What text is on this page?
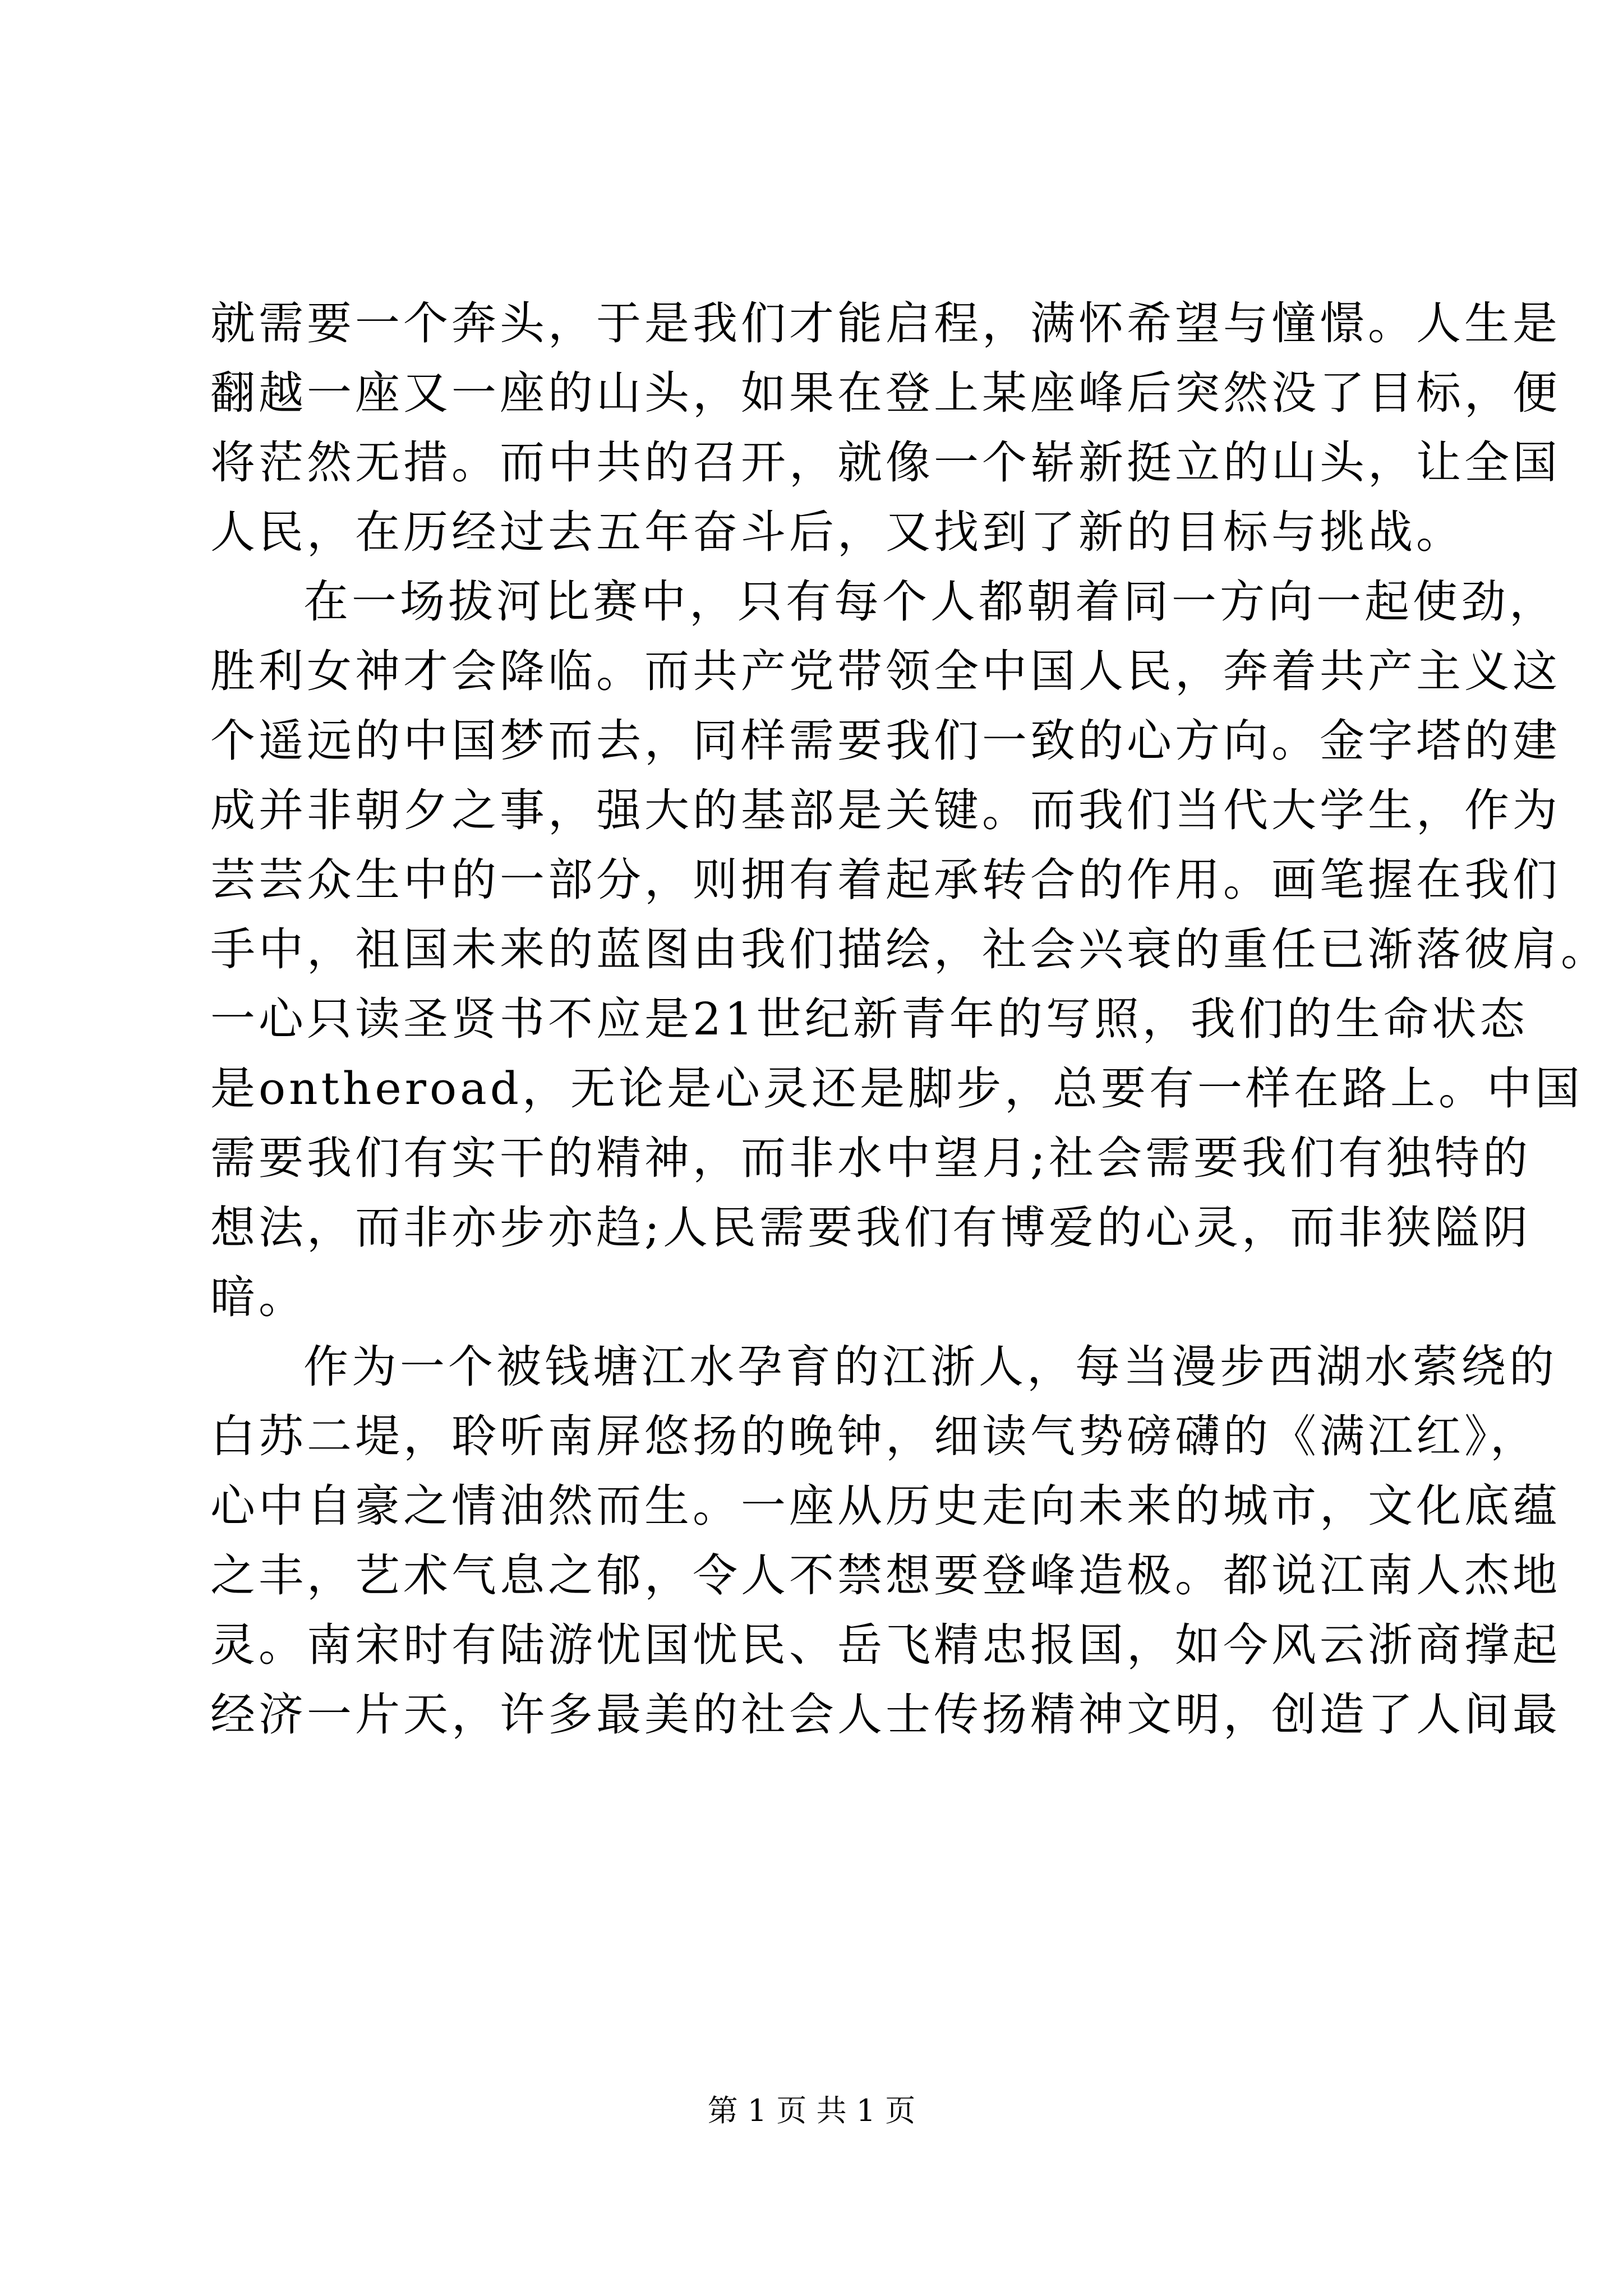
就需要一个奔头，于是我们才能启程，满怀希望与憧憬。人生是
翻越一座又一座的山头，如果在登上某座峰后突然没了目标，便
将茫然无措。而中共的召开，就像一个崭新挺立的山头，让全国
人民，在历经过去五年奋斗后，又找到了新的目标与挑战。
在一场拔河比赛中，只有每个人都朝着同一方向一起使劲，
胜利女神才会降临。而共产党带领全中国人民，奔着共产主义这
个遥远的中国梦而去，同样需要我们一致的心方向。金字塔的建
成并非朝夕之事，强大的基部是关键。而我们当代大学生，作为
芸芸众生中的一部分，则拥有着起承转合的作用。画笔握在我们
手中，祖国未来的蓝图由我们描绘，社会兴衰的重任已渐落彼肩。
一心只读圣贤书不应是21世纪新青年的写照，我们的生命状态
是ontheroad，无论是心灵还是脚步，总要有一样在路上。中国
需要我们有实干的精神，而非水中望月;社会需要我们有独特的
想法，而非亦步亦趋;人民需要我们有博爱的心灵，而非狭隘阴
暗。
作为一个被钱塘江水孕育的江浙人，每当漫步西湖水萦绕的
白苏二堤，聆听南屏悠扬的晚钟，细读气势磅礴的《满江红》，
心中自豪之情油然而生。一座从历史走向未来的城市，文化底蕴
之丰，艺术气息之郁，令人不禁想要登峰造极。都说江南人杰地
灵。南宋时有陆游忧国忧民、岳飞精忠报国，如今风云浙商撑起
经济一片天，许多最美的社会人士传扬精神文明，创造了人间最
第 1 页 共 1 页
